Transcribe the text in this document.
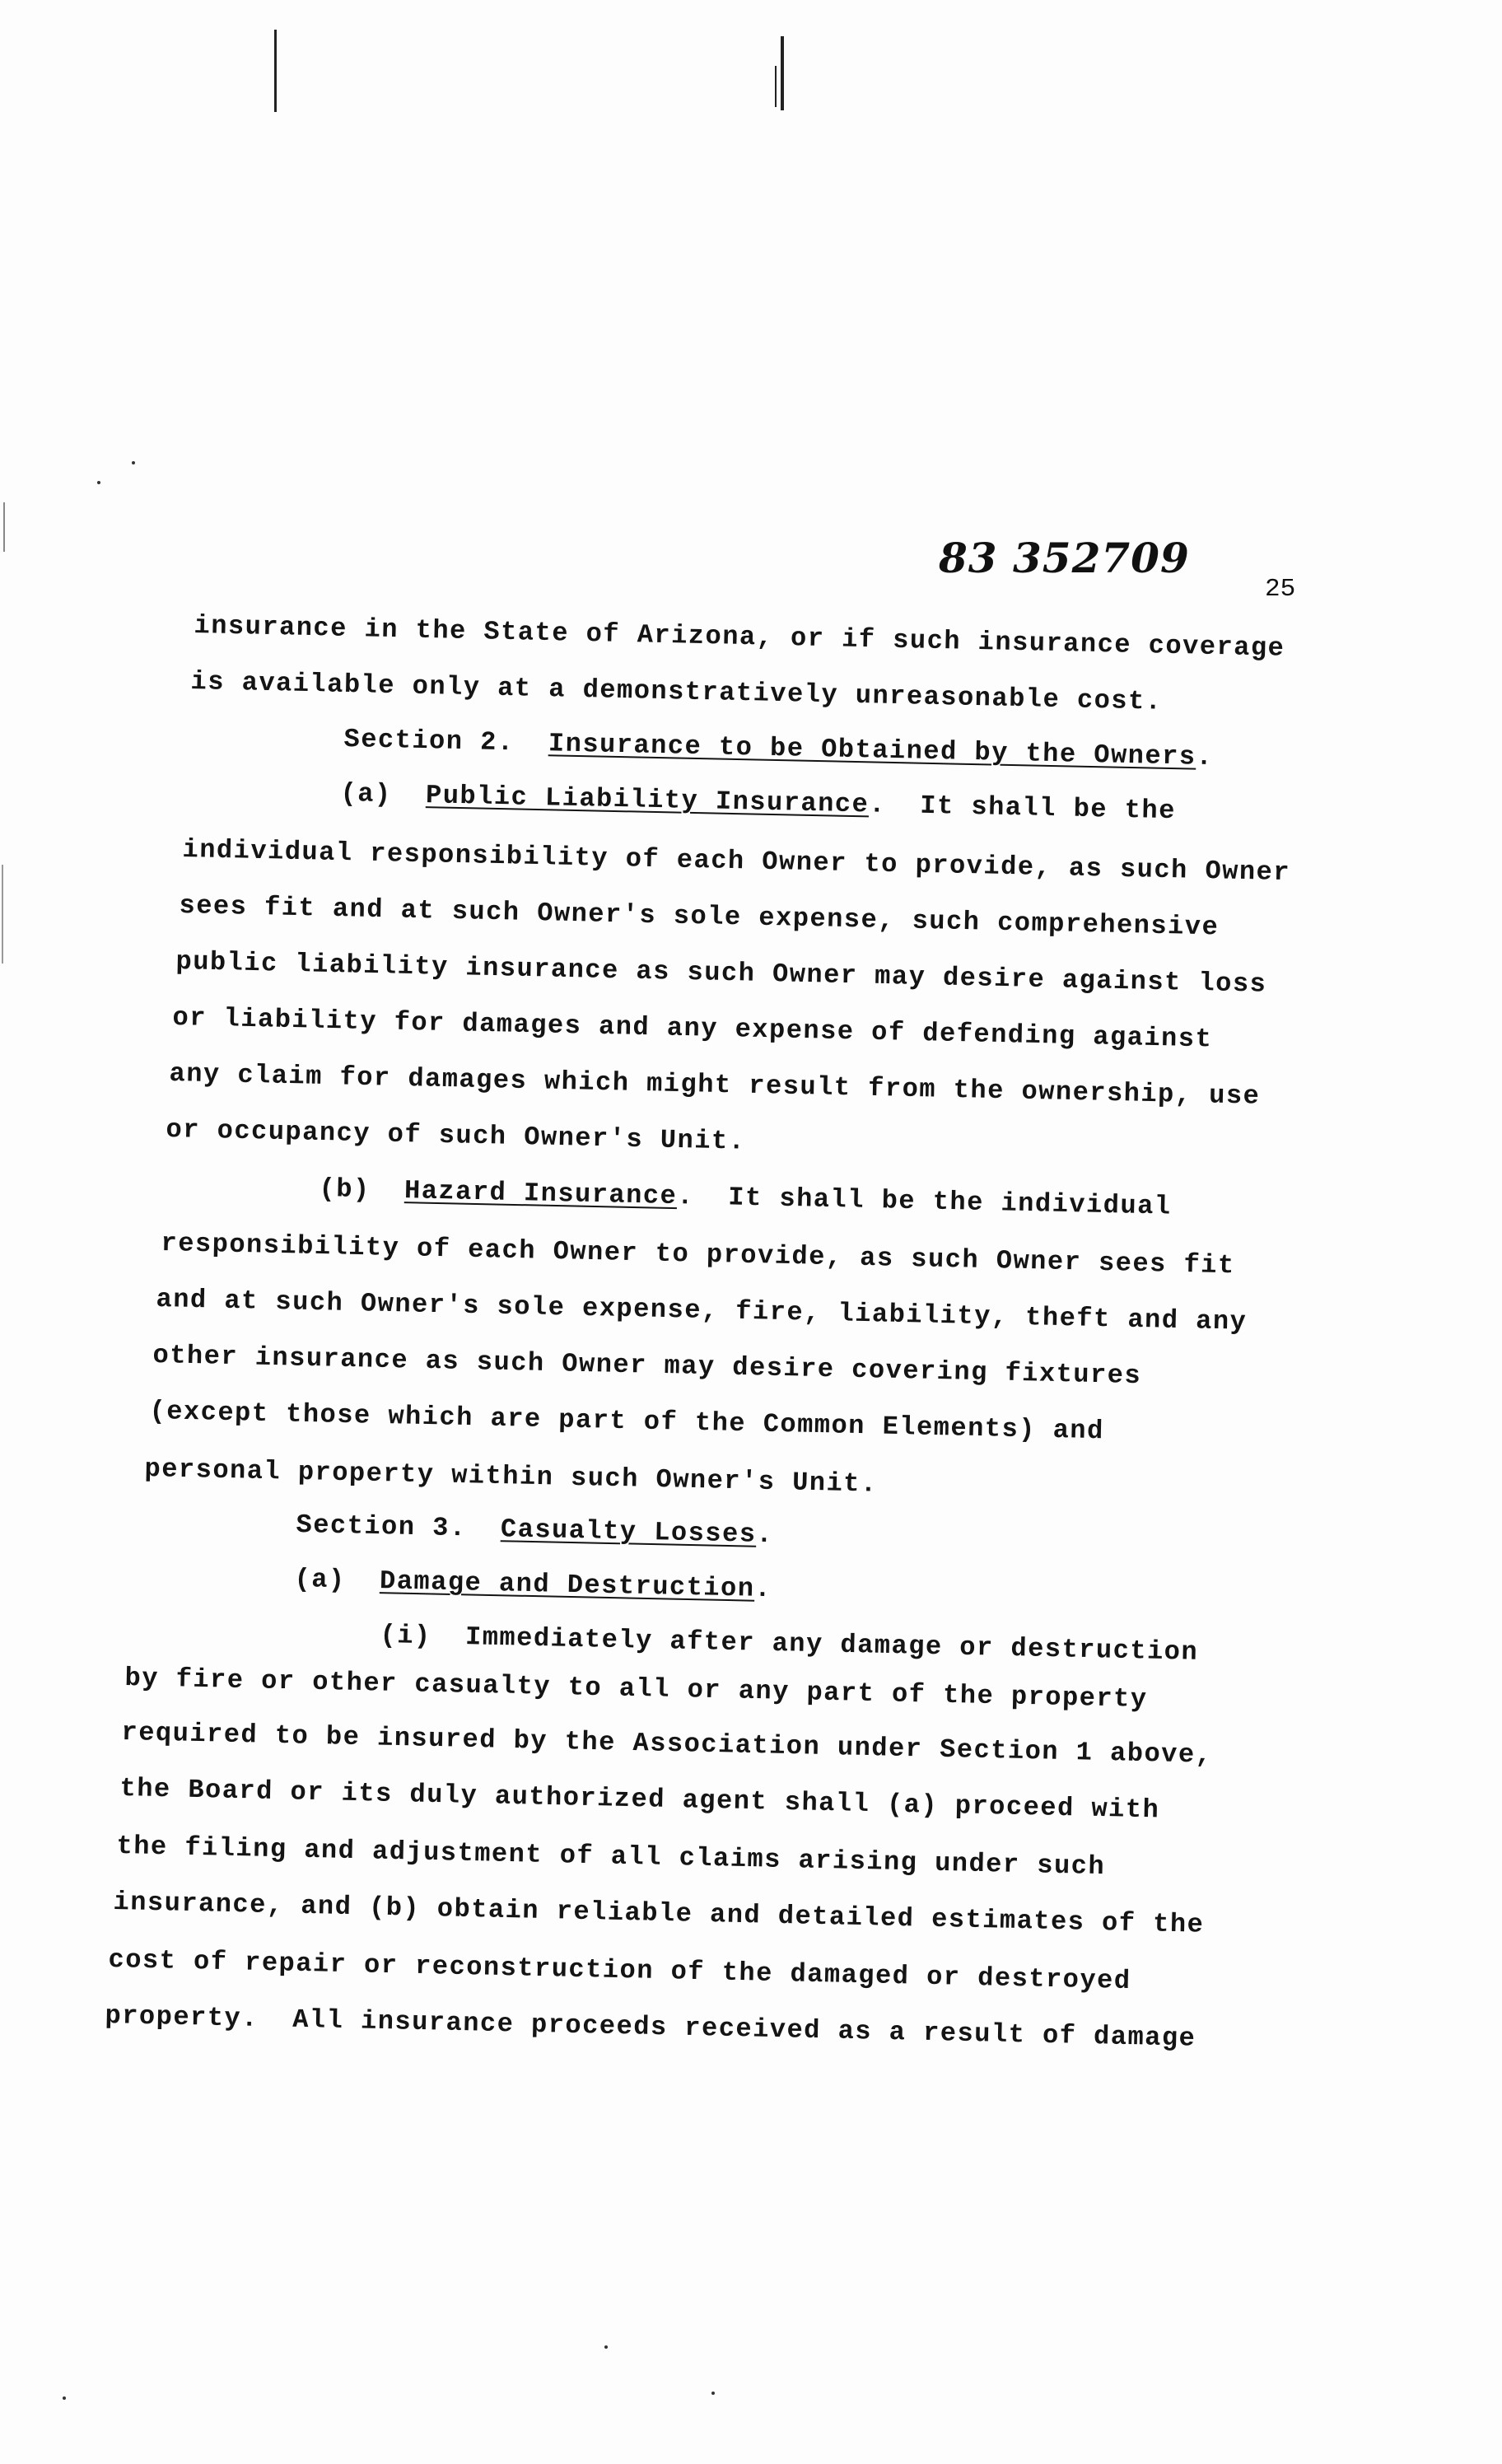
83 352709
25
insurance in the State of Arizona, or if such insurance coverage
is available only at a demonstratively unreasonable cost.
Section 2.  Insurance to be Obtained by the Owners.
(a)  Public Liability Insurance.  It shall be the
individual responsibility of each Owner to provide, as such Owner
sees fit and at such Owner's sole expense, such comprehensive
public liability insurance as such Owner may desire against loss
or liability for damages and any expense of defending against
any claim for damages which might result from the ownership, use
or occupancy of such Owner's Unit.
(b)  Hazard Insurance.  It shall be the individual
responsibility of each Owner to provide, as such Owner sees fit
and at such Owner's sole expense, fire, liability, theft and any
other insurance as such Owner may desire covering fixtures
(except those which are part of the Common Elements) and
personal property within such Owner's Unit.
Section 3.  Casualty Losses.
(a)  Damage and Destruction.
(i)  Immediately after any damage or destruction
by fire or other casualty to all or any part of the property
required to be insured by the Association under Section 1 above,
the Board or its duly authorized agent shall (a) proceed with
the filing and adjustment of all claims arising under such
insurance, and (b) obtain reliable and detailed estimates of the
cost of repair or reconstruction of the damaged or destroyed
property.  All insurance proceeds received as a result of damage
